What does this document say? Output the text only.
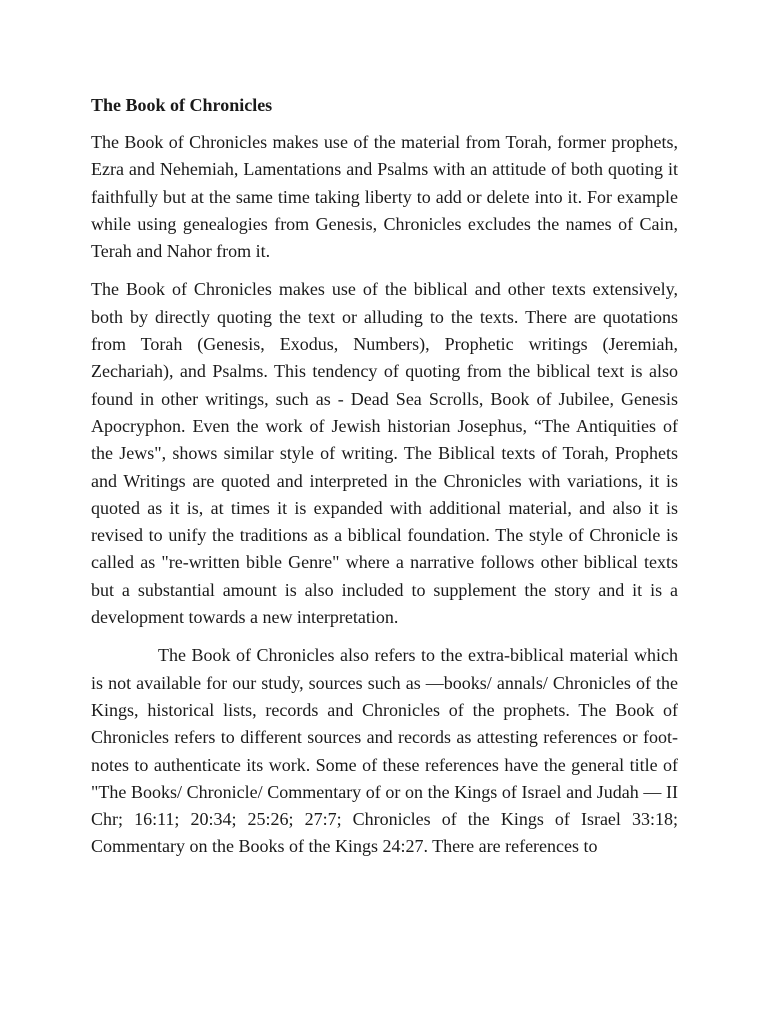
The Book of Chronicles

The Book of Chronicles makes use of the material from Torah, former prophets, Ezra and Nehemiah, Lamentations and Psalms with an attitude of both quoting it faithfully but at the same time taking liberty to add or delete into it. For example while using genealogies from Genesis, Chronicles excludes the names of Cain, Terah and Nahor from it.

The Book of Chronicles makes use of the biblical and other texts extensively, both by directly quoting the text or alluding to the texts. There are quotations from Torah (Genesis, Exodus, Numbers), Prophetic writings (Jeremiah, Zechariah), and Psalms. This tendency of quoting from the biblical text is also found in other writings, such as - Dead Sea Scrolls, Book of Jubilee, Genesis Apocryphon. Even the work of Jewish historian Josephus, “The Antiquities of the Jews", shows similar style of writing. The Biblical texts of Torah, Prophets and Writings are quoted and interpreted in the Chronicles with variations, it is quoted as it is, at times it is expanded with additional material, and also it is revised to unify the traditions as a biblical foundation. The style of Chronicle is called as "re-written bible Genre" where a narrative follows other biblical texts but a substantial amount is also included to supplement the story and it is a development towards a new interpretation.

The Book of Chronicles also refers to the extra-biblical material which is not available for our study, sources such as —books/ annals/ Chronicles of the Kings, historical lists, records and Chronicles of the prophets. The Book of Chronicles refers to different sources and records as attesting references or foot-notes to authenticate its work. Some of these references have the general title of "The Books/ Chronicle/ Commentary of or on the Kings of Israel and Judah — II Chr; 16:11; 20:34; 25:26; 27:7; Chronicles of the Kings of Israel 33:18; Commentary on the Books of the Kings 24:27. There are references to
